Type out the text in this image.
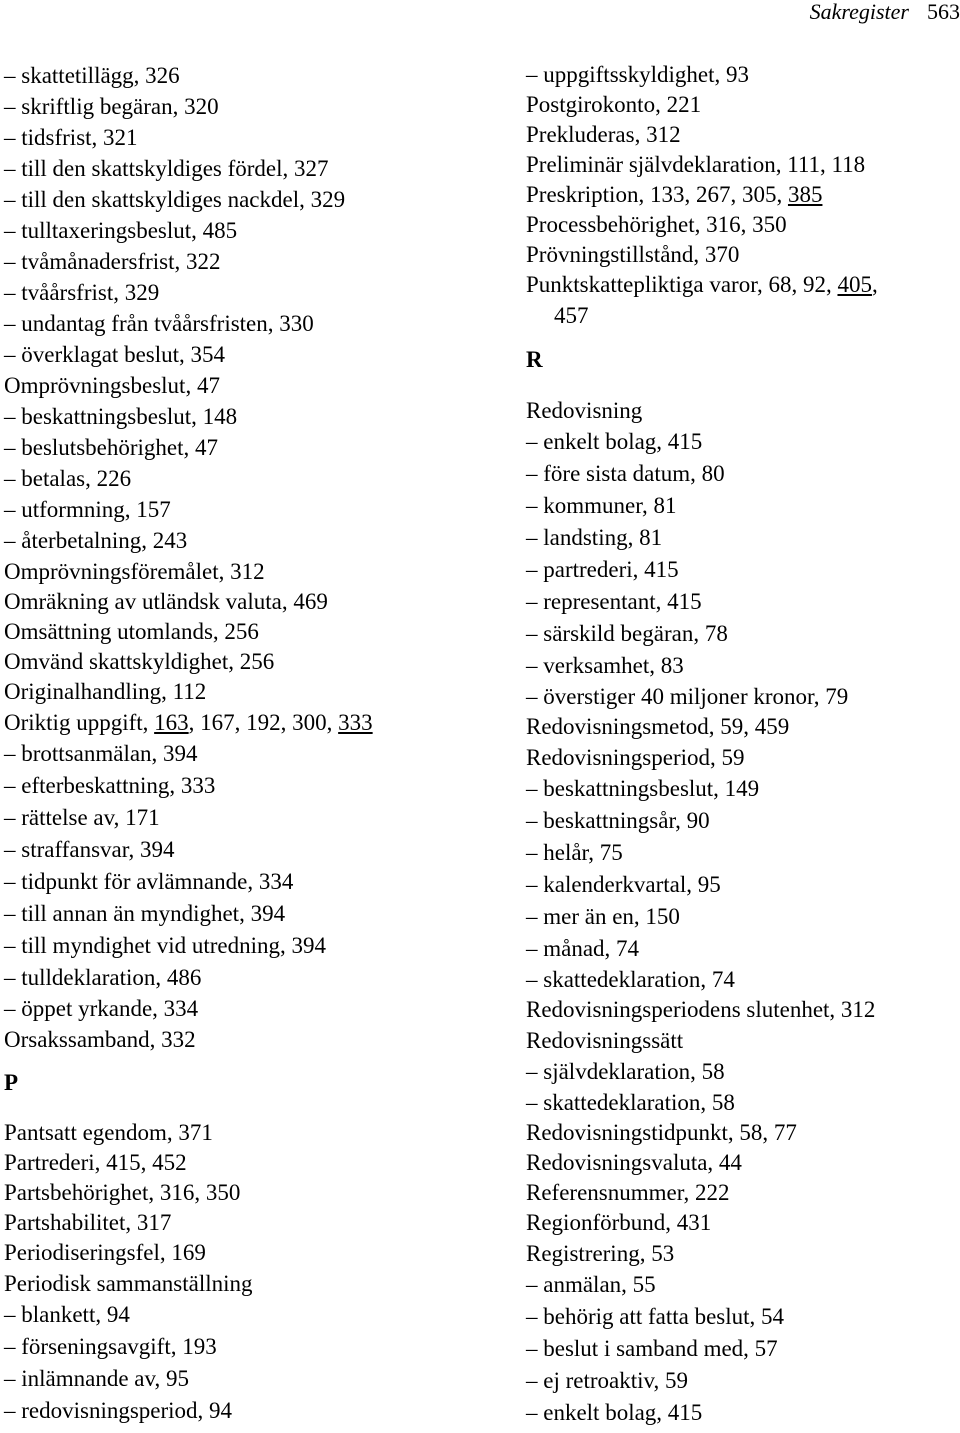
Sakregister 563
– skattetillägg, 326
– skriftlig begäran, 320
– tidsfrist, 321
– till den skattskyldiges fördel, 327
– till den skattskyldiges nackdel, 329
– tulltaxeringsbeslut, 485
– tvåmånadersfrist, 322
– tvåårsfrist, 329
– undantag från tvåårsfristen, 330
– överklagat beslut, 354
Omprövningsbeslut, 47
– beskattningsbeslut, 148
– beslutsbehörighet, 47
– betalas, 226
– utformning, 157
– återbetalning, 243
Omprövningsföremålet, 312
Omräkning av utländsk valuta, 469
Omsättning utomlands, 256
Omvänd skattskyldighet, 256
Originalhandling, 112
Oriktig uppgift, 163, 167, 192, 300, 333
– brottsanmälan, 394
– efterbeskattning, 333
– rättelse av, 171
– straffansvar, 394
– tidpunkt för avlämnande, 334
– till annan än myndighet, 394
– till myndighet vid utredning, 394
– tulldeklaration, 486
– öppet yrkande, 334
Orsakssamband, 332
P
Pantsatt egendom, 371
Partrederi, 415, 452
Partsbehörighet, 316, 350
Partshabilitet, 317
Periodiseringsfel, 169
Periodisk sammanställning
– blankett, 94
– förseningsavgift, 193
– inlämnande av, 95
– redovisningsperiod, 94
– uppgiftsskyldighet, 93
Postgirokonto, 221
Prekluderas, 312
Preliminär självdeklaration, 111, 118
Preskription, 133, 267, 305, 385
Processbehörighet, 316, 350
Prövningstillstånd, 370
Punktskattepliktiga varor, 68, 92, 405,
457
R
Redovisning
– enkelt bolag, 415
– före sista datum, 80
– kommuner, 81
– landsting, 81
– partrederi, 415
– representant, 415
– särskild begäran, 78
– verksamhet, 83
– överstiger 40 miljoner kronor, 79
Redovisningsmetod, 59, 459
Redovisningsperiod, 59
– beskattningsbeslut, 149
– beskattningsår, 90
– helår, 75
– kalenderkvartal, 95
– mer än en, 150
– månad, 74
– skattedeklaration, 74
Redovisningsperiodens slutenhet, 312
Redovisningssätt
– självdeklaration, 58
– skattedeklaration, 58
Redovisningstidpunkt, 58, 77
Redovisningsvaluta, 44
Referensnummer, 222
Regionförbund, 431
Registrering, 53
– anmälan, 55
– behörig att fatta beslut, 54
– beslut i samband med, 57
– ej retroaktiv, 59
– enkelt bolag, 415
